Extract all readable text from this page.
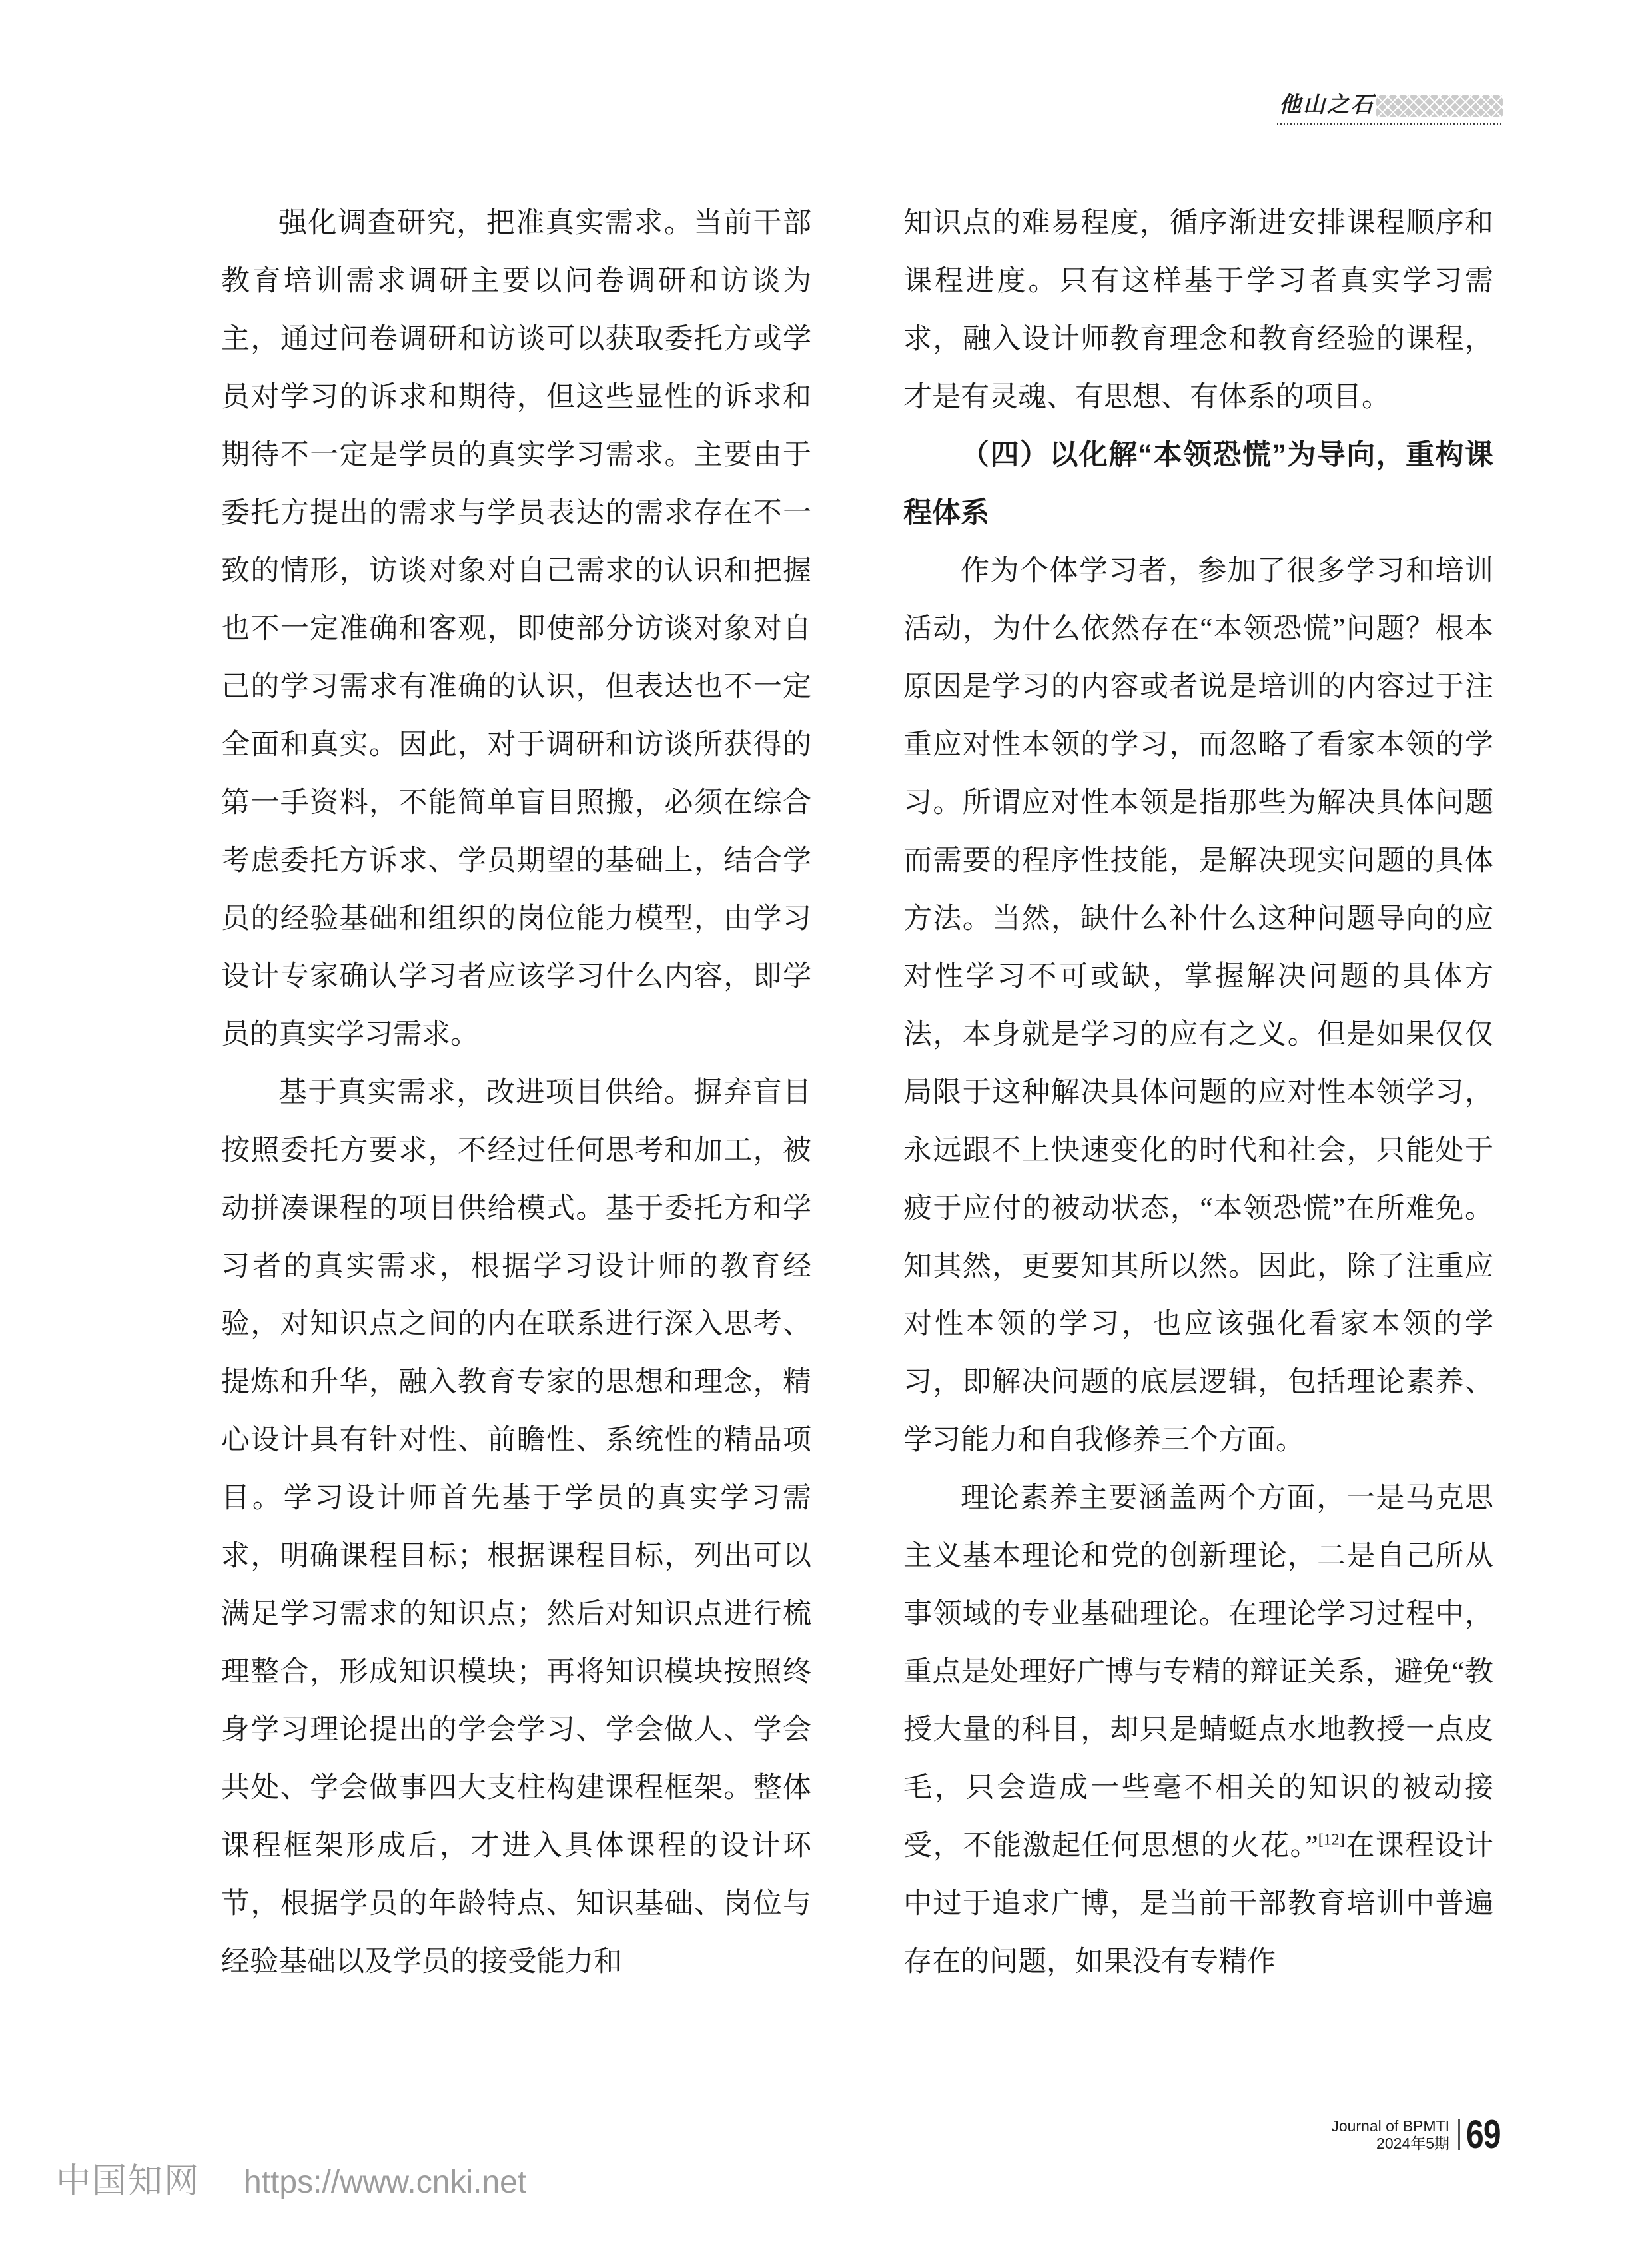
他山之石

强化调查研究，把准真实需求。当前干部教育培训需求调研主要以问卷调研和访谈为主，通过问卷调研和访谈可以获取委托方或学员对学习的诉求和期待，但这些显性的诉求和期待不一定是学员的真实学习需求。主要由于委托方提出的需求与学员表达的需求存在不一致的情形，访谈对象对自己需求的认识和把握也不一定准确和客观，即使部分访谈对象对自己的学习需求有准确的认识，但表达也不一定全面和真实。因此，对于调研和访谈所获得的第一手资料，不能简单盲目照搬，必须在综合考虑委托方诉求、学员期望的基础上，结合学员的经验基础和组织的岗位能力模型，由学习设计专家确认学习者应该学习什么内容，即学员的真实学习需求。

基于真实需求，改进项目供给。摒弃盲目按照委托方要求，不经过任何思考和加工，被动拼凑课程的项目供给模式。基于委托方和学习者的真实需求，根据学习设计师的教育经验，对知识点之间的内在联系进行深入思考、提炼和升华，融入教育专家的思想和理念，精心设计具有针对性、前瞻性、系统性的精品项目。学习设计师首先基于学员的真实学习需求，明确课程目标；根据课程目标，列出可以满足学习需求的知识点；然后对知识点进行梳理整合，形成知识模块；再将知识模块按照终身学习理论提出的学会学习、学会做人、学会共处、学会做事四大支柱构建课程框架。整体课程框架形成后，才进入具体课程的设计环节，根据学员的年龄特点、知识基础、岗位与经验基础以及学员的接受能力和

知识点的难易程度，循序渐进安排课程顺序和课程进度。只有这样基于学习者真实学习需求，融入设计师教育理念和教育经验的课程，才是有灵魂、有思想、有体系的项目。

（四）以化解“本领恐慌”为导向，重构课程体系

作为个体学习者，参加了很多学习和培训活动，为什么依然存在“本领恐慌”问题？根本原因是学习的内容或者说是培训的内容过于注重应对性本领的学习，而忽略了看家本领的学习。所谓应对性本领是指那些为解决具体问题而需要的程序性技能，是解决现实问题的具体方法。当然，缺什么补什么这种问题导向的应对性学习不可或缺，掌握解决问题的具体方法，本身就是学习的应有之义。但是如果仅仅局限于这种解决具体问题的应对性本领学习，永远跟不上快速变化的时代和社会，只能处于疲于应付的被动状态，“本领恐慌”在所难免。知其然，更要知其所以然。因此，除了注重应对性本领的学习，也应该强化看家本领的学习，即解决问题的底层逻辑，包括理论素养、学习能力和自我修养三个方面。

理论素养主要涵盖两个方面，一是马克思主义基本理论和党的创新理论，二是自己所从事领域的专业基础理论。在理论学习过程中，重点是处理好广博与专精的辩证关系，避免“教授大量的科目，却只是蜻蜓点水地教授一点皮毛，只会造成一些毫不相关的知识的被动接受，不能激起任何思想的火花。”[12]在课程设计中过于追求广博，是当前干部教育培训中普遍存在的问题，如果没有专精作

Journal of BPMTI
2024年5期 69
中国知网 https://www.cnki.net
